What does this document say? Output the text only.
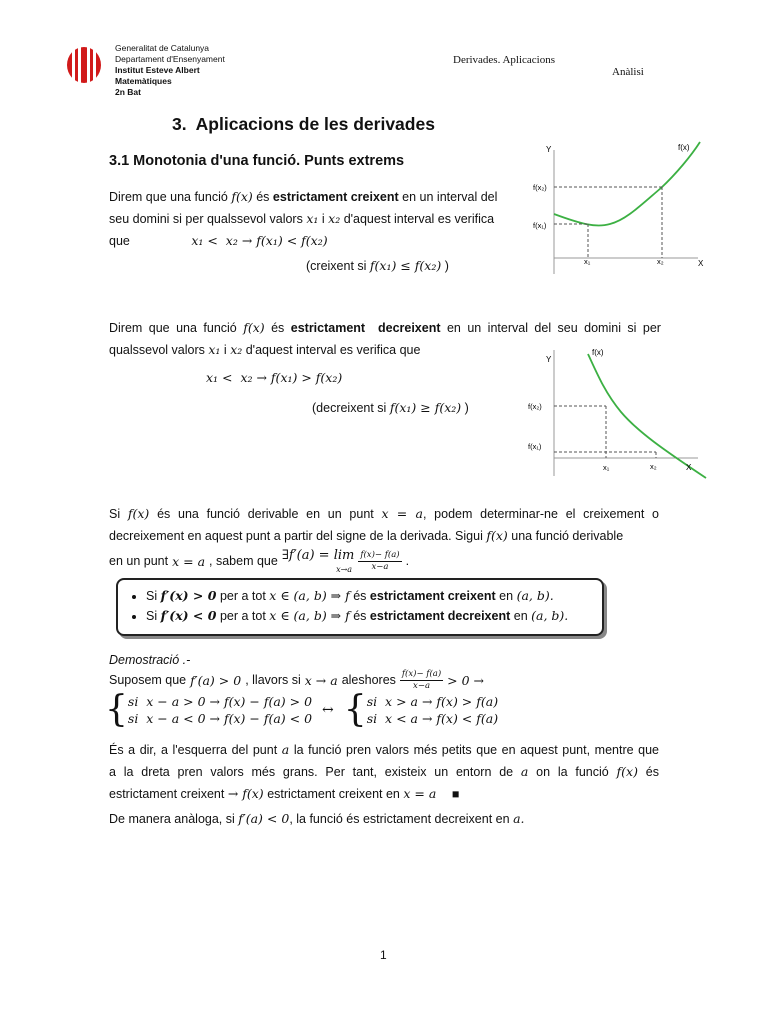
Generalitat de Catalunya
Departament d'Ensenyament
Institut Esteve Albert
Matemàtiques
2n Bat
Derivades. Aplicacions
Anàlisi
3.  Aplicacions de les derivades
3.1 Monotonia d'una funció. Punts extrems
Direm que una funció f(x) és estrictament creixent en un interval del
seu domini si per qualssevol valors x₁ i x₂ d'aquest interval es verifica
que	x₁ <  x₂ → f(x₁) < f(x₂)
(creixent si f(x₁) ≤ f(x₂) )
Y
X
f(x)
f(x₂)
f(x₁)
x₁	x₂
Direm que una funció f(x) és estrictament  decreixent en un interval del seu domini si per
qualssevol valors x₁ i x₂ d'aquest interval es verifica que
x₁ <  x₂ → f(x₁) > f(x₂)
(decreixent si f(x₁) ≥ f(x₂) )
Y
X
f(x)
f(x₂)
f(x₁)
x₁	x₂
Si f(x) és una funció derivable en un punt x = a, podem determinar-ne el creixement o
decreixement en aquest punt a partir del signe de la derivada. Sigui f(x) una funció derivable
en un punt x = a , sabem que ∃f′(a) = lim
$x\to a \frac{f(x)- f(a)}{x-a}$ .
• Si f′(x) > 0 per a tot x ∈ (a, b) ⇒ f és estrictament creixent en (a, b).
• Si f′(x) < 0 per a tot x ∈ (a, b) ⇒ f és estrictament decreixent en (a, b).
Demostració .-
Suposem que f′(a) > 0 , llavors si x → a aleshores $\frac{f(x)- f(a)}{x-a} > 0$ →
{ si  x − a > 0 → f(x) − f(a) > 0
si  x − a < 0 → f(x) − f(a) < 0
↔ { si  x > a → f(x) > f(a)
si  x < a → f(x) < f(a)
És a dir, a l'esquerra del punt a la funció pren valors més petits que en aquest punt, mentre que
a la dreta pren valors més grans. Per tant, existeix un entorn de a on la funció f(x) és
estrictament creixent → f(x) estrictament creixent en x = a ■
De manera anàloga, si f′(a) < 0, la funció és estrictament decreixent en a.
1
